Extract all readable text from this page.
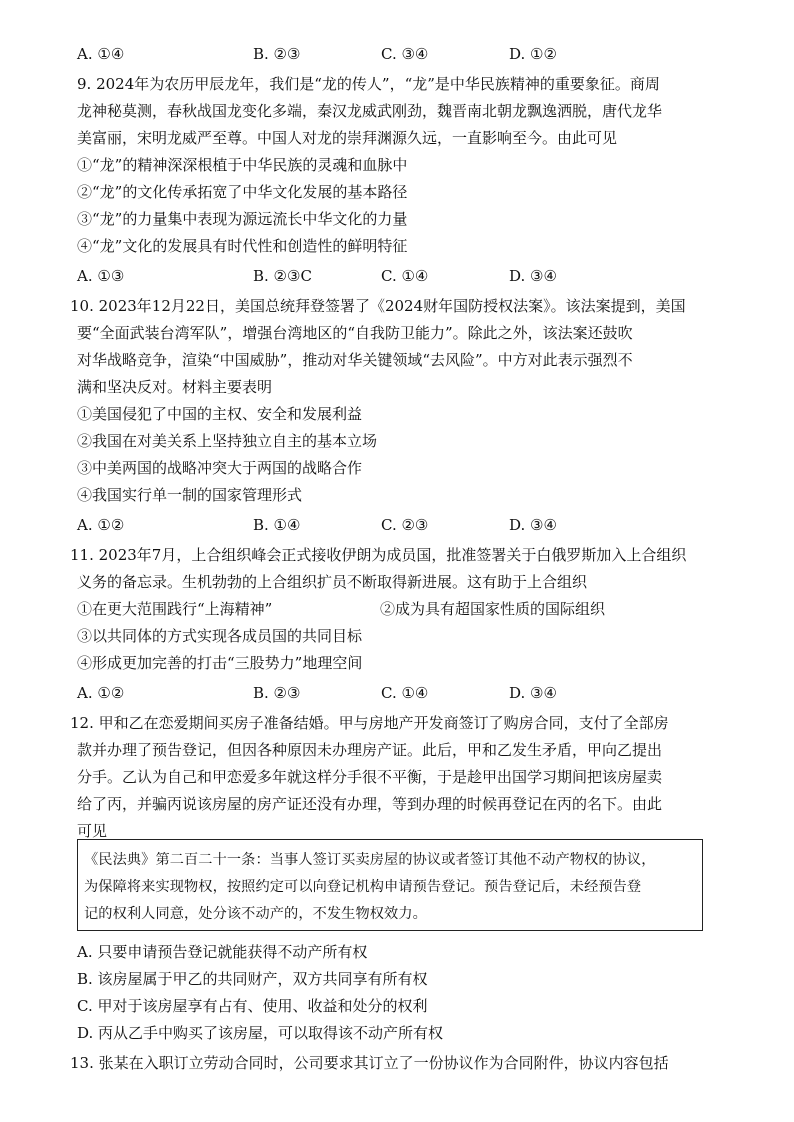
《民法典》第二百二十一条：当事人签订买卖房屋的协议或者签订其他不动产物权的协议，
为保障将来实现物权，按照约定可以向登记机构申请预告登记。预告登记后，未经预告登
记的权利人同意，处分该不动产的，不发生物权效力。
A. ①④	B. ②③	C. ③④	D. ①②
9. 2024年为农历甲辰龙年，我们是“龙的传人”，“龙”是中华民族精神的重要象征。商周
龙神秘莫测，春秋战国龙变化多端，秦汉龙威武刚劲，魏晋南北朝龙飘逸洒脱，唐代龙华
美富丽，宋明龙威严至尊。中国人对龙的崇拜渊源久远，一直影响至今。由此可见
①“龙”的精神深深根植于中华民族的灵魂和血脉中
②“龙”的文化传承拓宽了中华文化发展的基本路径
③“龙”的力量集中表现为源远流长中华文化的力量
④“龙”文化的发展具有时代性和创造性的鲜明特征
A. ①③	B. ②③C	C. ①④	D. ③④
10. 2023年12月22日，美国总统拜登签署了《2024财年国防授权法案》。该法案提到，美国
要“全面武装台湾军队”，增强台湾地区的“自我防卫能力”。除此之外，该法案还鼓吹
对华战略竞争，渲染“中国威胁”，推动对华关键领域“去风险”。中方对此表示强烈不
满和坚决反对。材料主要表明
①美国侵犯了中国的主权、安全和发展利益
②我国在对美关系上坚持独立自主的基本立场
③中美两国的战略冲突大于两国的战略合作
④我国实行单一制的国家管理形式
A. ①②	B. ①④	C. ②③	D. ③④
11. 2023年7月，上合组织峰会正式接收伊朗为成员国，批准签署关于白俄罗斯加入上合组织
义务的备忘录。生机勃勃的上合组织扩员不断取得新进展。这有助于上合组织
①在更大范围践行“上海精神”	②成为具有超国家性质的国际组织
③以共同体的方式实现各成员国的共同目标
④形成更加完善的打击“三股势力”地理空间
A. ①②	B. ②③	C. ①④	D. ③④
12. 甲和乙在恋爱期间买房子准备结婚。甲与房地产开发商签订了购房合同，支付了全部房
款并办理了预告登记，但因各种原因未办理房产证。此后，甲和乙发生矛盾，甲向乙提出
分手。乙认为自己和甲恋爱多年就这样分手很不平衡，于是趁甲出国学习期间把该房屋卖
给了丙，并骗丙说该房屋的房产证还没有办理，等到办理的时候再登记在丙的名下。由此
可见
A. 只要申请预告登记就能获得不动产所有权
B. 该房屋属于甲乙的共同财产，双方共同享有所有权
C. 甲对于该房屋享有占有、使用、收益和处分的权利
D. 丙从乙手中购买了该房屋，可以取得该不动产所有权
13. 张某在入职订立劳动合同时，公司要求其订立了一份协议作为合同附件，协议内容包括
